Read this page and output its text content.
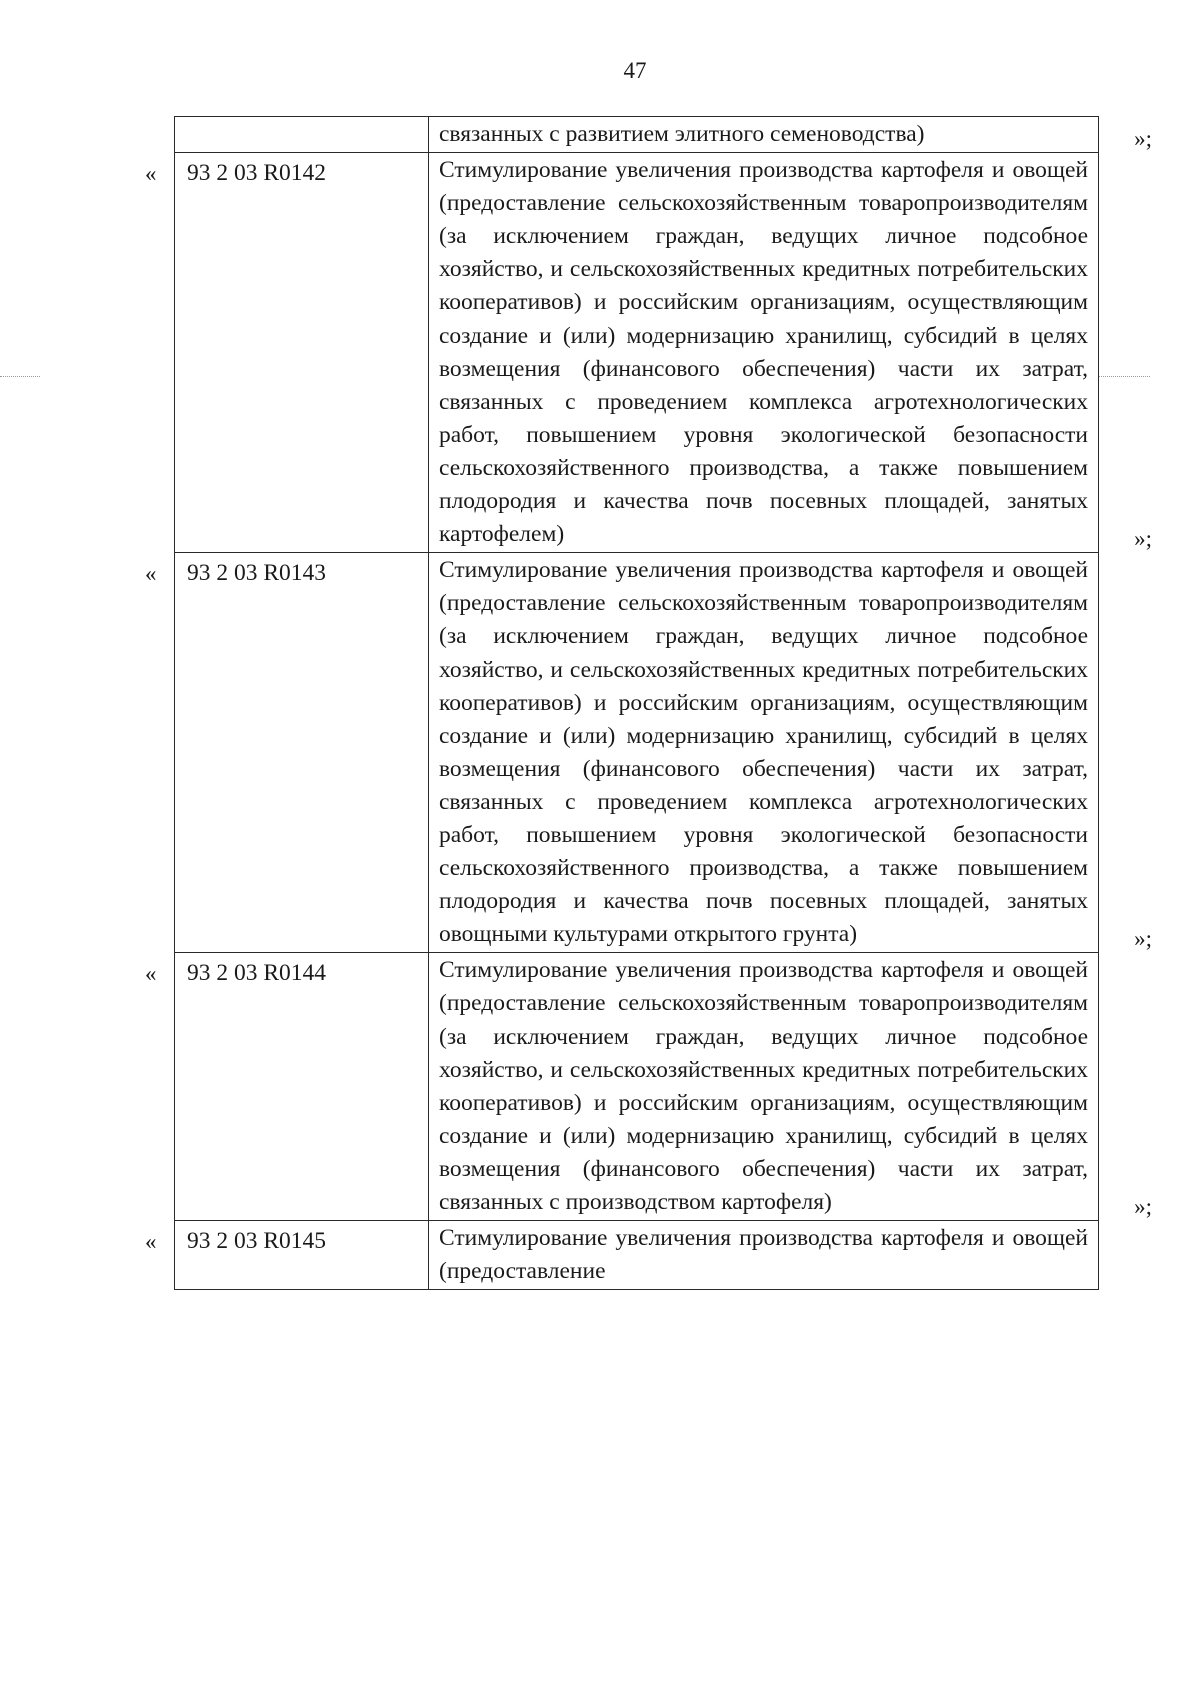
47

	связанных с развитием элитного семеноводства) »;

« 93 2 03 R0142	Стимулирование увеличения производства картофеля и овощей (предоставление сельскохозяйственным товаропроизводителям (за исключением граждан, ведущих личное подсобное хозяйство, и сельскохозяйственных кредитных потребительских кооперативов) и российским организациям, осуществляющим создание и (или) модернизацию хранилищ, субсидий в целях возмещения (финансового обеспечения) части их затрат, связанных с проведением комплекса агротехнологических работ, повышением уровня экологической безопасности сельскохозяйственного производства, а также повышением плодородия и качества почв посевных площадей, занятых картофелем) »;

« 93 2 03 R0143	Стимулирование увеличения производства картофеля и овощей (предоставление сельскохозяйственным товаропроизводителям (за исключением граждан, ведущих личное подсобное хозяйство, и сельскохозяйственных кредитных потребительских кооперативов) и российским организациям, осуществляющим создание и (или) модернизацию хранилищ, субсидий в целях возмещения (финансового обеспечения) части их затрат, связанных с проведением комплекса агротехнологических работ, повышением уровня экологической безопасности сельскохозяйственного производства, а также повышением плодородия и качества почв посевных площадей, занятых овощными культурами открытого грунта) »;

« 93 2 03 R0144	Стимулирование увеличения производства картофеля и овощей (предоставление сельскохозяйственным товаропроизводителям (за исключением граждан, ведущих личное подсобное хозяйство, и сельскохозяйственных кредитных потребительских кооперативов) и российским организациям, осуществляющим создание и (или) модернизацию хранилищ, субсидий в целях возмещения (финансового обеспечения) части их затрат, связанных с производством картофеля) »;

« 93 2 03 R0145	Стимулирование увеличения производства картофеля и овощей (предоставление
